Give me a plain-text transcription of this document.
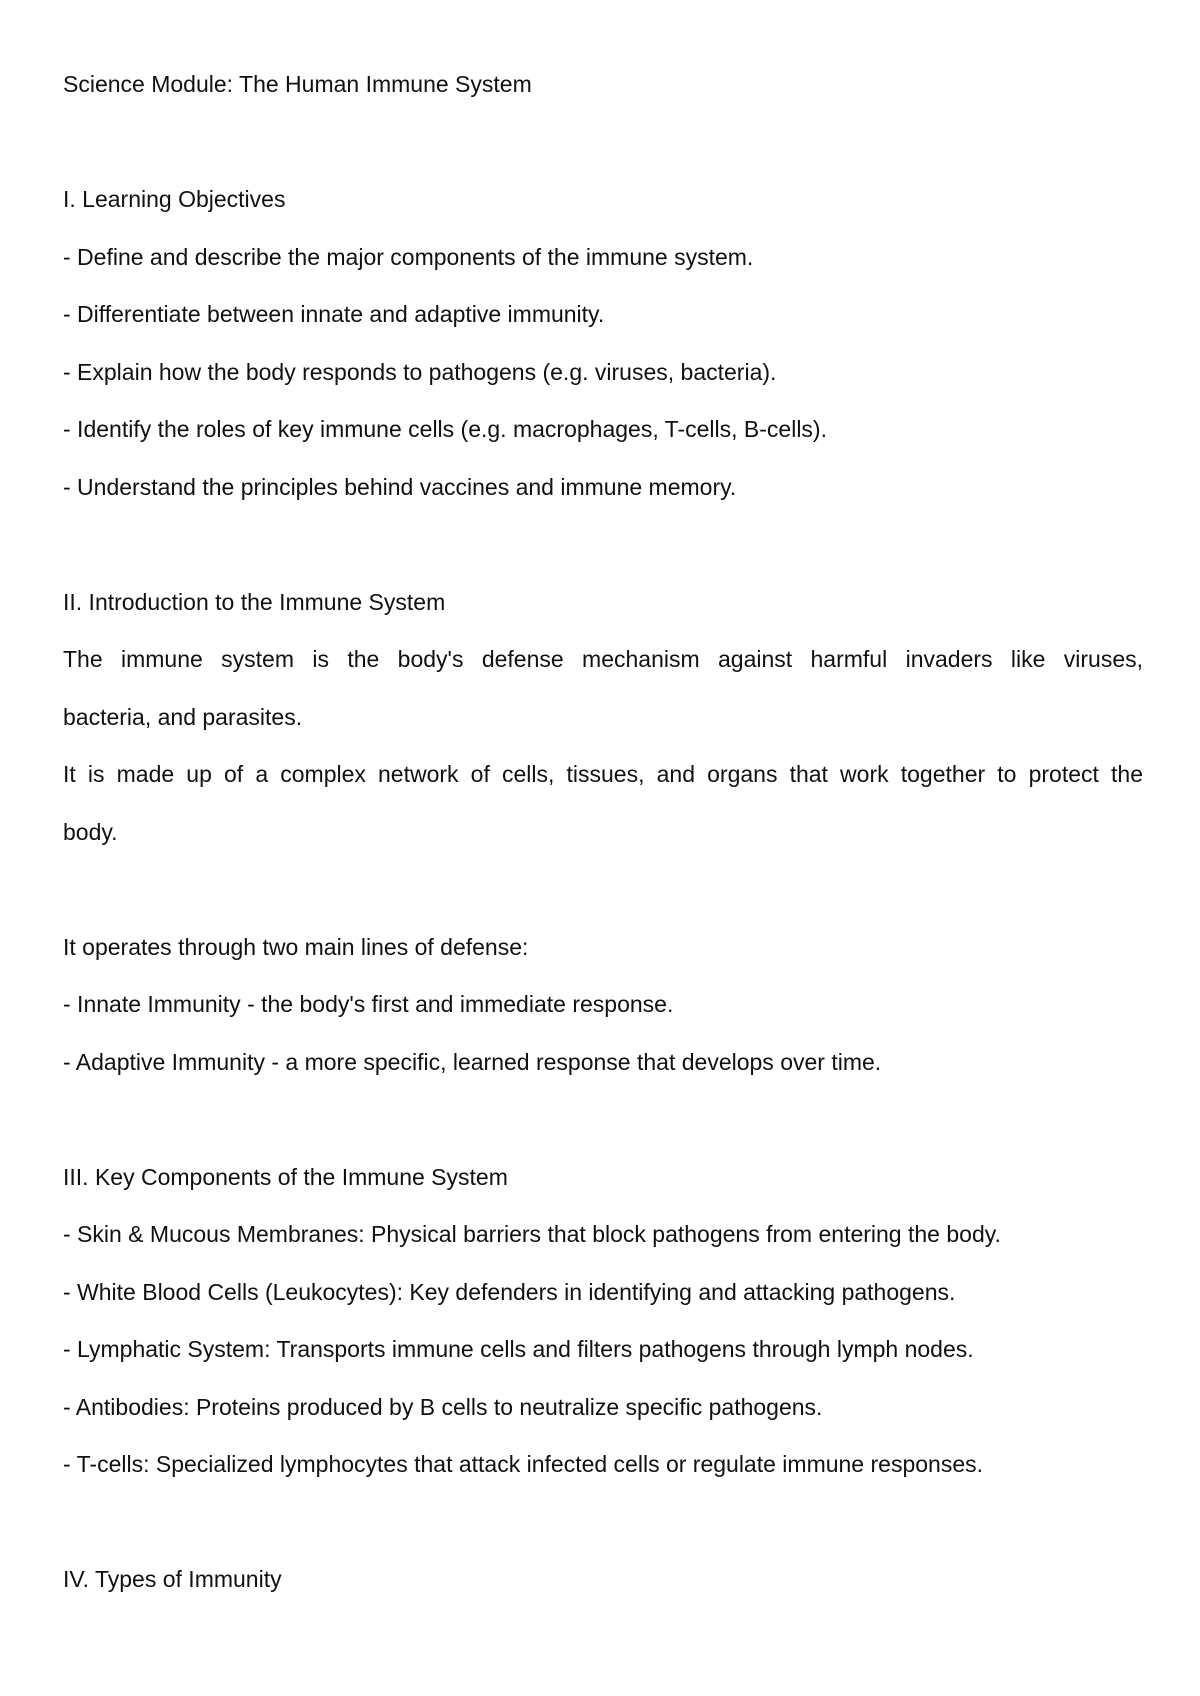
Science Module: The Human Immune System
I. Learning Objectives
- Define and describe the major components of the immune system.
- Differentiate between innate and adaptive immunity.
- Explain how the body responds to pathogens (e.g. viruses, bacteria).
- Identify the roles of key immune cells (e.g. macrophages, T-cells, B-cells).
- Understand the principles behind vaccines and immune memory.
II. Introduction to the Immune System
The immune system is the body's defense mechanism against harmful invaders like viruses,
bacteria, and parasites.
It is made up of a complex network of cells, tissues, and organs that work together to protect the
body.
It operates through two main lines of defense:
- Innate Immunity - the body's first and immediate response.
- Adaptive Immunity - a more specific, learned response that develops over time.
III. Key Components of the Immune System
- Skin & Mucous Membranes: Physical barriers that block pathogens from entering the body.
- White Blood Cells (Leukocytes): Key defenders in identifying and attacking pathogens.
- Lymphatic System: Transports immune cells and filters pathogens through lymph nodes.
- Antibodies: Proteins produced by B cells to neutralize specific pathogens.
- T-cells: Specialized lymphocytes that attack infected cells or regulate immune responses.
IV. Types of Immunity
